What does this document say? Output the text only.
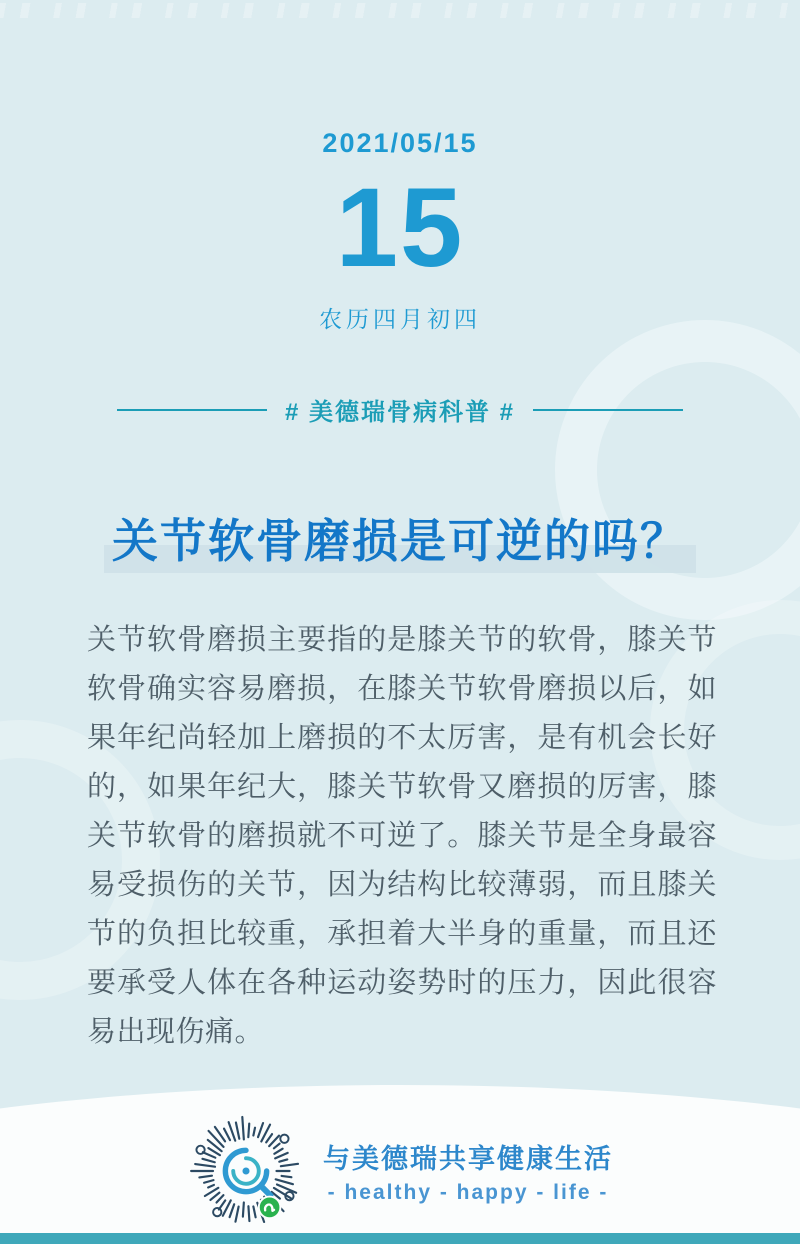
2021/05/15
15
农历四月初四
# 美德瑞骨病科普 #
关节软骨磨损是可逆的吗？

关节软骨磨损主要指的是膝关节的软骨，膝关节软骨确实容易磨损，在膝关节软骨磨损以后，如果年纪尚轻加上磨损的不太厉害，是有机会长好的，如果年纪大，膝关节软骨又磨损的厉害，膝关节软骨的磨损就不可逆了。膝关节是全身最容易受损伤的关节，因为结构比较薄弱，而且膝关节的负担比较重，承担着大半身的重量，而且还要承受人体在各种运动姿势时的压力，因此很容易出现伤痛。

与美德瑞共享健康生活
- healthy - happy - life -
